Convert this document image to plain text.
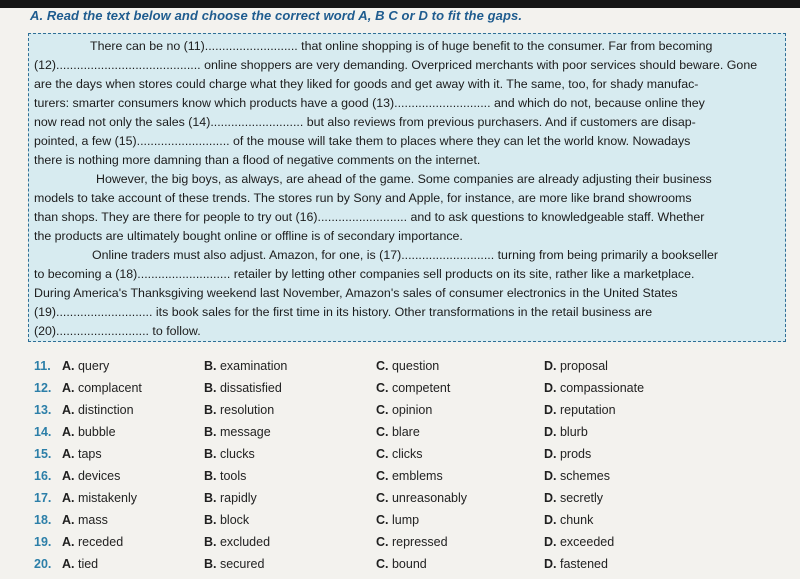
A. Read the text below and choose the correct word A, B C or D to fit the gaps.
There can be no (11)........................... that online shopping is of huge benefit to the consumer. Far from becoming
(12).......................................... online shoppers are very demanding. Overpriced merchants with poor services should beware. Gone
are the days when stores could charge what they liked for goods and get away with it. The same, too, for shady manufac-
turers: smarter consumers know which products have a good (13)............................ and which do not, because online they
now read not only the sales (14)........................... but also reviews from previous purchasers. And if customers are disap-
pointed, a few (15)........................... of the mouse will take them to places where they can let the world know. Nowadays
there is nothing more damning than a flood of negative comments on the internet.
However, the big boys, as always, are ahead of the game. Some companies are already adjusting their business
models to take account of these trends. The stores run by Sony and Apple, for instance, are more like brand showrooms
than shops. They are there for people to try out (16).......................... and to ask questions to knowledgeable staff. Whether
the products are ultimately bought online or offline is of secondary importance.
Online traders must also adjust. Amazon, for one, is (17)........................... turning from being primarily a bookseller
to becoming a (18)........................... retailer by letting other companies sell products on its site, rather like a marketplace.
During America's Thanksgiving weekend last November, Amazon's sales of consumer electronics in the United States
(19)............................ its book sales for the first time in its history. Other transformations in the retail business are
(20)........................... to follow.
11. A. query	B. examination	C. question	D. proposal
12. A. complacent	B. dissatisfied	C. competent	D. compassionate
13. A. distinction	B. resolution	C. opinion	D. reputation
14. A. bubble	B. message	C. blare	D. blurb
15. A. taps	B. clucks	C. clicks	D. prods
16. A. devices	B. tools	C. emblems	D. schemes
17. A. mistakenly	B. rapidly	C. unreasonably	D. secretly
18. A. mass	B. block	C. lump	D. chunk
19. A. receded	B. excluded	C. repressed	D. exceeded
20. A. tied	B. secured	C. bound	D. fastened
